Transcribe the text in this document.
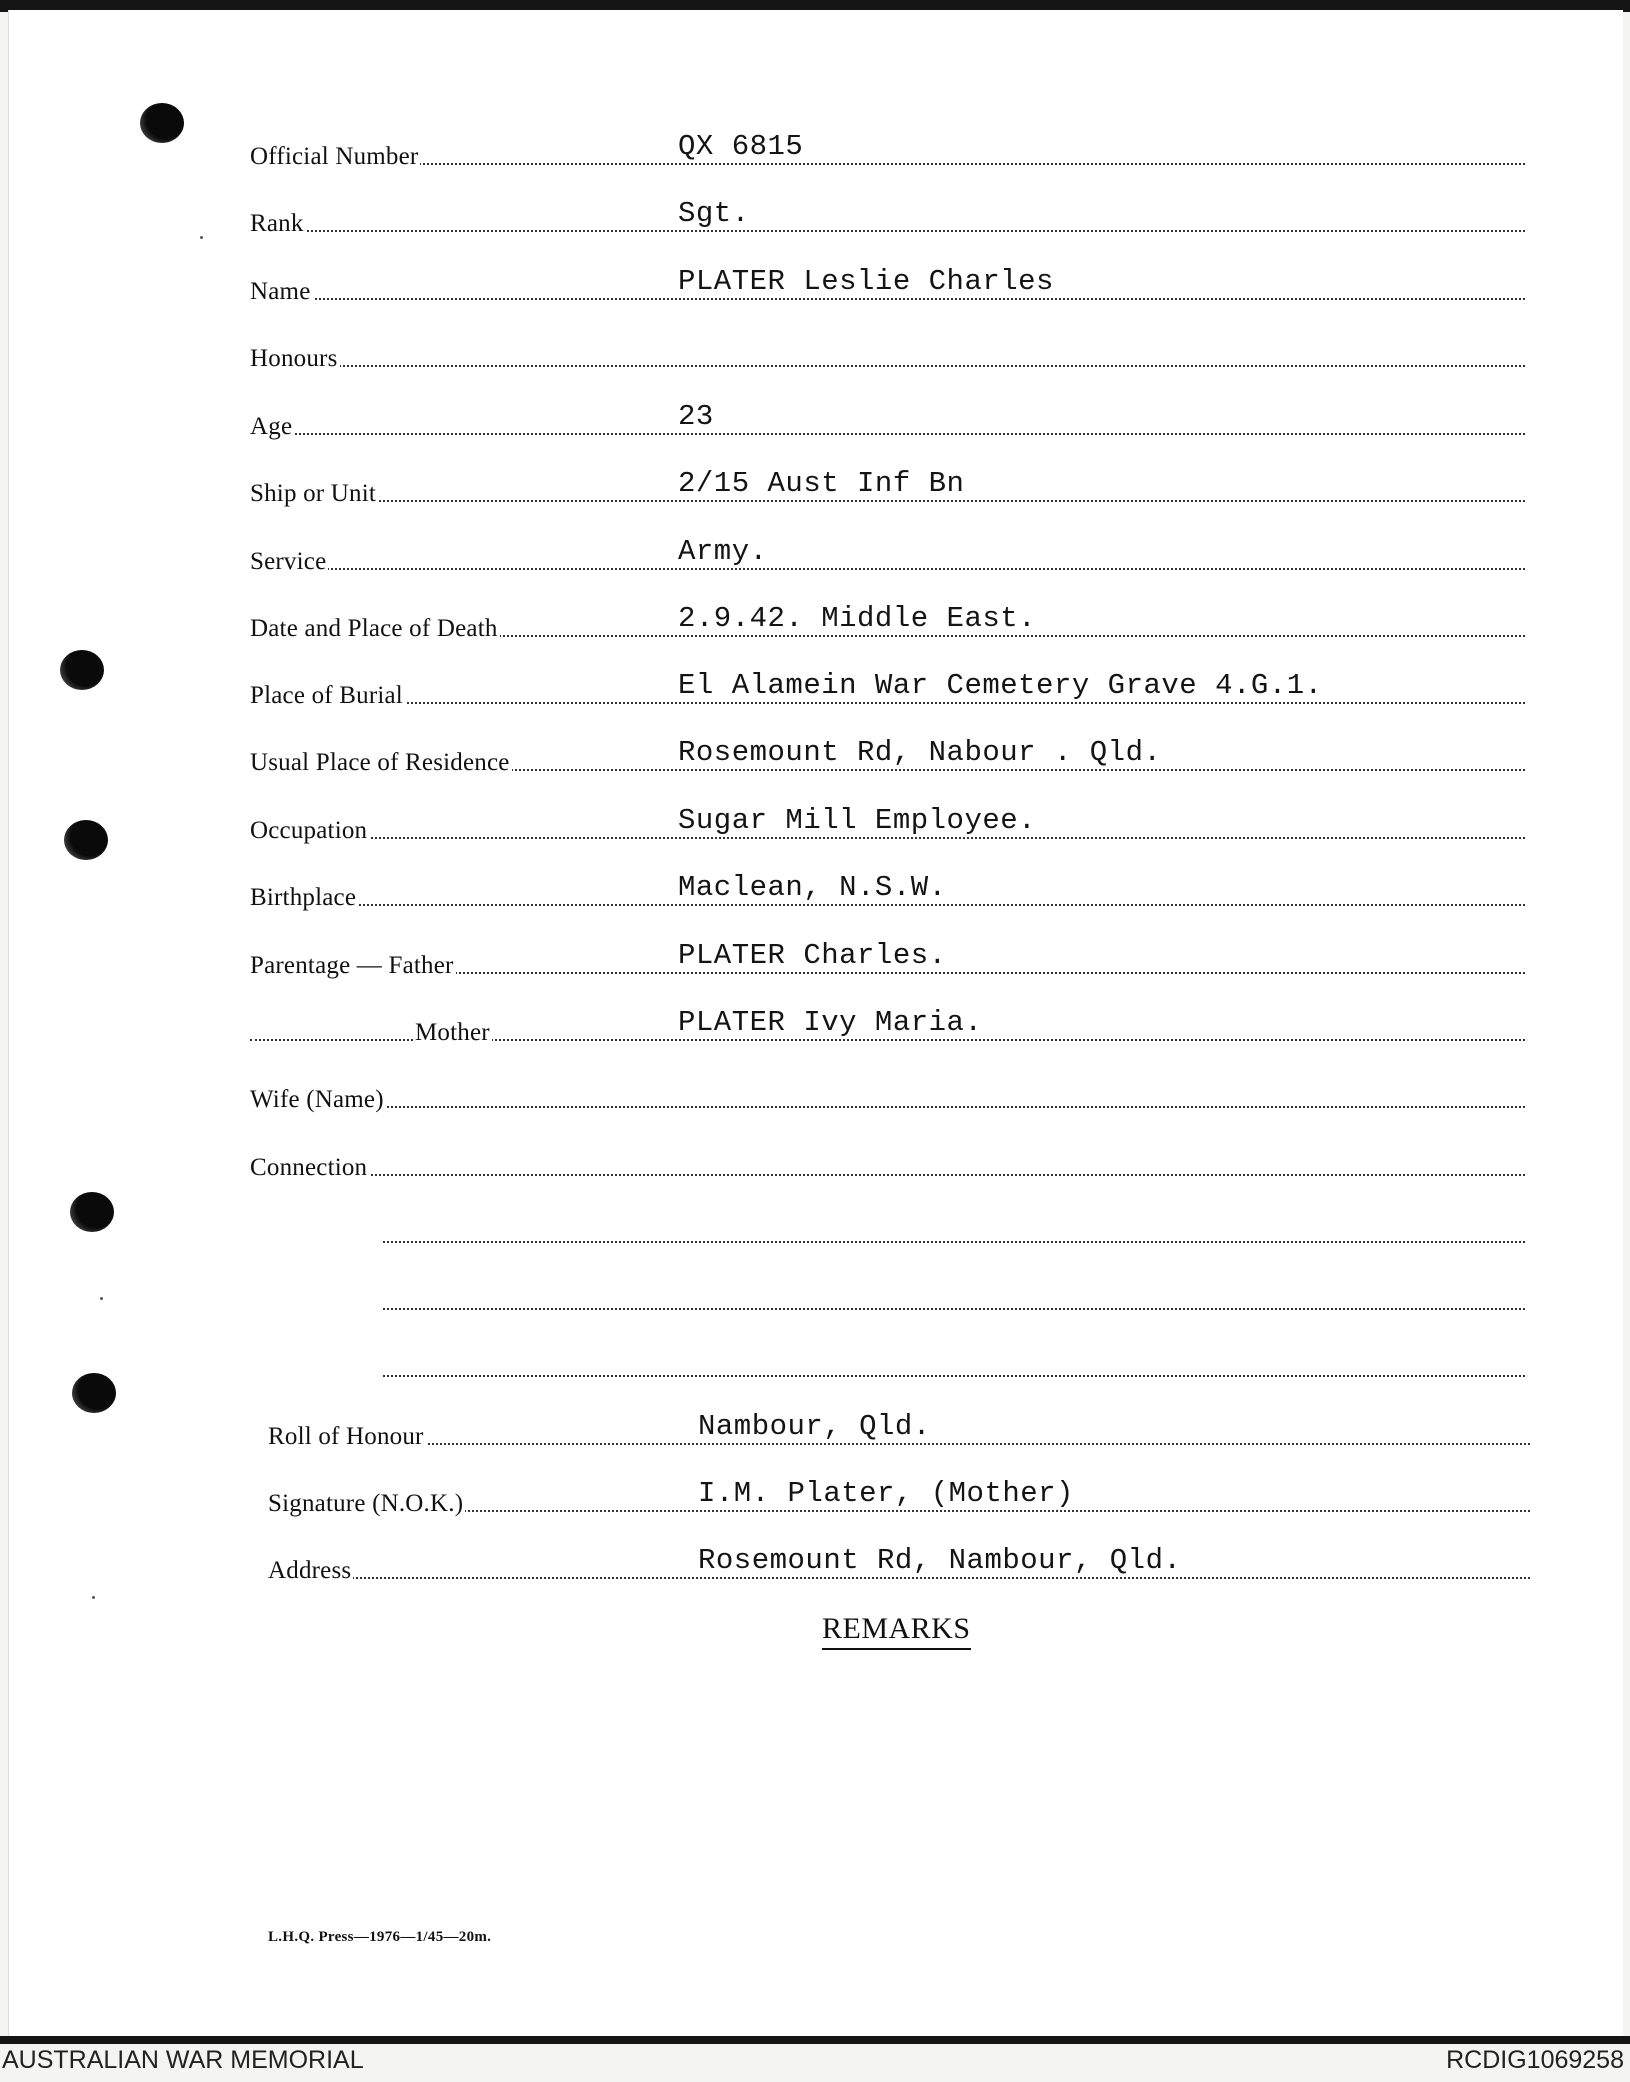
Official Number	QX 6815
Rank	Sgt.
Name	PLATER Leslie Charles
Honours
Age	23
Ship or Unit	2/15 Aust Inf Bn
Service	Army.
Date and Place of Death	2.9.42. Middle East.
Place of Burial	El Alamein War Cemetery Grave 4.G.1.
Usual Place of Residence	Rosemount Rd, Nabour . Qld.
Occupation	Sugar Mill Employee.
Birthplace	Maclean, N.S.W.
Parentage — Father	PLATER Charles.
Mother	PLATER Ivy Maria.
Wife (Name)
Connection
Roll of Honour	Nambour, Qld.
Signature (N.O.K.)	I.M. Plater, (Mother)
Address	Rosemount Rd, Nambour, Qld.
REMARKS
L.H.Q. Press—1976—1/45—20m.
AUSTRALIAN WAR MEMORIAL	RCDIG1069258
